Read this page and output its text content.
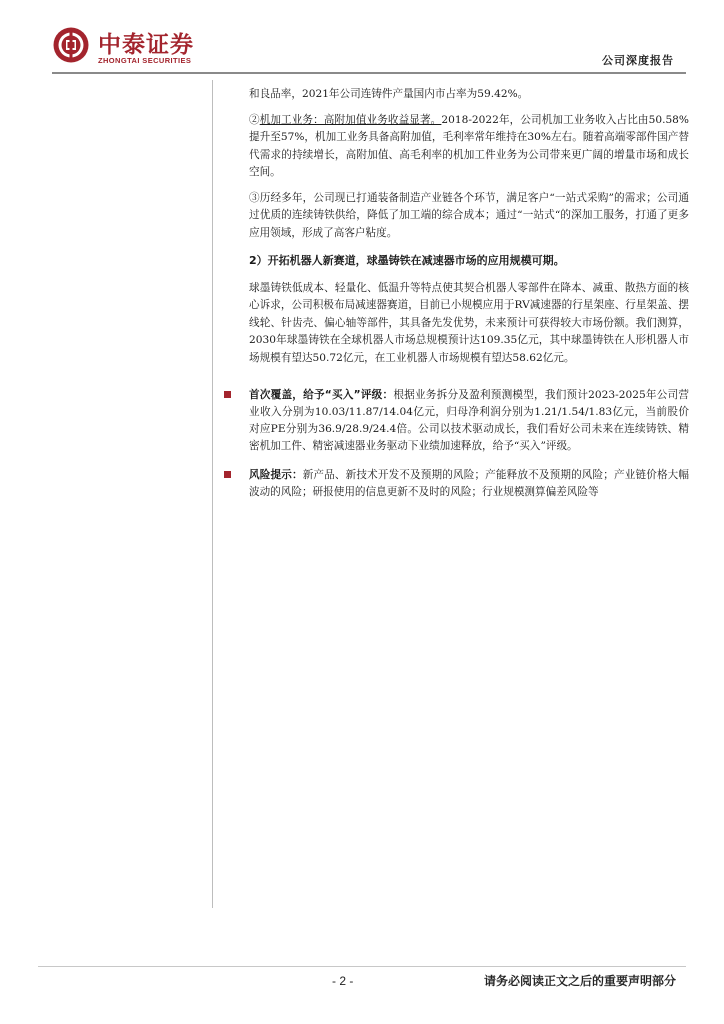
中泰证券
ZHONGTAI SECURITIES	公司深度报告

和良品率，2021年公司连铸件产量国内市占率为59.42%。

②机加工业务：高附加值业务收益显著。2018-2022年，公司机加工业务收入占比由50.58%提升至57%，机加工业务具备高附加值，毛利率常年维持在30%左右。随着高端零部件国产替代需求的持续增长，高附加值、高毛利率的机加工件业务为公司带来更广阔的增量市场和成长空间。

③历经多年，公司现已打通装备制造产业链各个环节，满足客户“一站式采购”的需求；公司通过优质的连续铸铁供给，降低了加工端的综合成本；通过“一站式“的深加工服务，打通了更多应用领域，形成了高客户粘度。

2）开拓机器人新赛道，球墨铸铁在减速器市场的应用规模可期。

球墨铸铁低成本、轻量化、低温升等特点使其契合机器人零部件在降本、减重、散热方面的核心诉求，公司积极布局减速器赛道，目前已小规模应用于RV减速器的行星架座、行星架盖、摆线轮、针齿壳、偏心轴等部件，其具备先发优势，未来预计可获得较大市场份额。我们测算，2030年球墨铸铁在全球机器人市场总规模预计达109.35亿元，其中球墨铸铁在人形机器人市场规模有望达50.72亿元，在工业机器人市场规模有望达58.62亿元。

首次覆盖，给予“买入”评级：根据业务拆分及盈利预测模型，我们预计2023-2025年公司营业收入分别为10.03/11.87/14.04亿元，归母净利润分别为1.21/1.54/1.83亿元，当前股价对应PE分别为36.9/28.9/24.4倍。公司以技术驱动成长，我们看好公司未来在连续铸铁、精密机加工件、精密减速器业务驱动下业绩加速释放，给予“买入”评级。
风险提示：新产品、新技术开发不及预期的风险；产能释放不及预期的风险；产业链价格大幅波动的风险；研报使用的信息更新不及时的风险；行业规模测算偏差风险等
- 2 -	请务必阅读正文之后的重要声明部分
